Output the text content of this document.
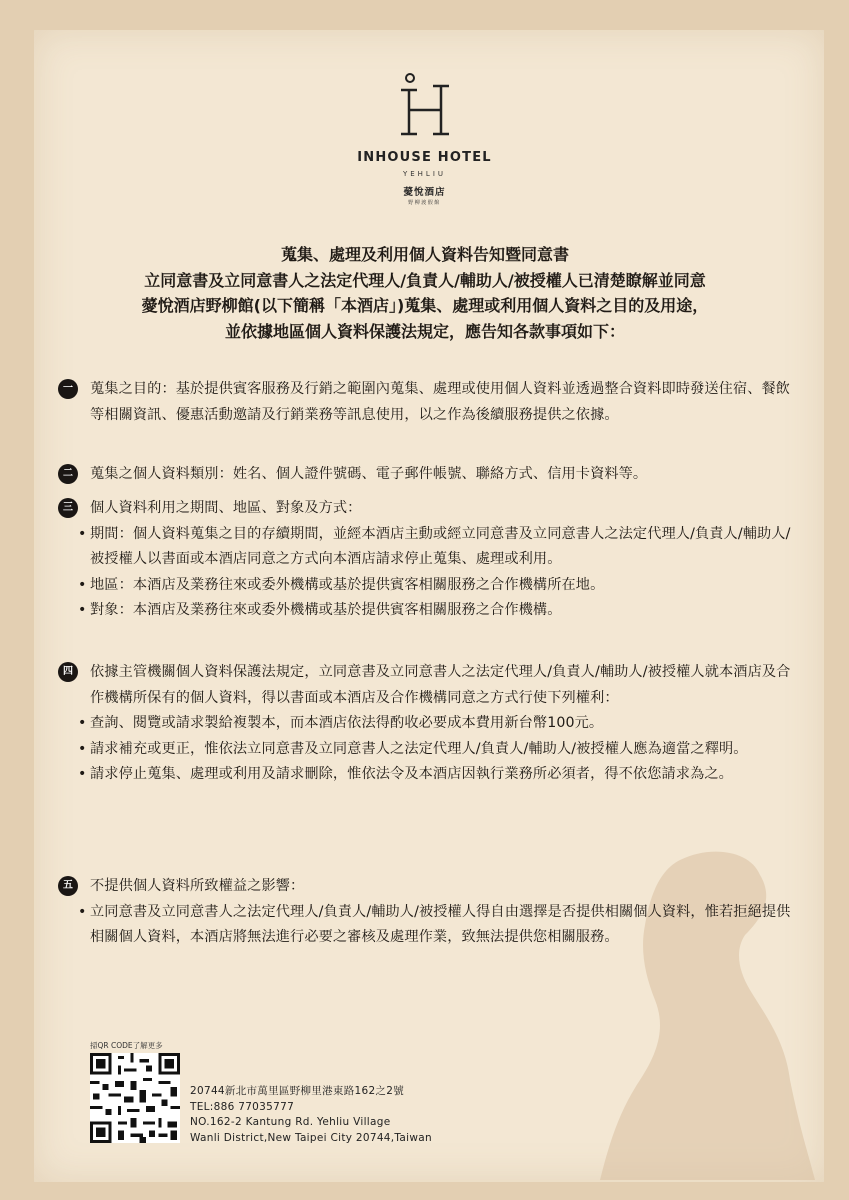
INHOUSE HOTEL
YEHLIU
薆悅酒店
野柳渡假館
蒐集、處理及利用個人資料告知暨同意書
立同意書及立同意書人之法定代理人/負責人/輔助人/被授權人已清楚瞭解並同意
薆悅酒店野柳館(以下簡稱「本酒店」)蒐集、處理或利用個人資料之目的及用途，
並依據地區個人資料保護法規定，應告知各款事項如下：
一	蒐集之目的：基於提供賓客服務及行銷之範圍內蒐集、處理或使用個人資料並透過整合資料即時發送住宿、餐飲等相關資訊、優惠活動邀請及行銷業務等訊息使用，以之作為後續服務提供之依據。
二	蒐集之個人資料類別：姓名、個人證件號碼、電子郵件帳號、聯絡方式、信用卡資料等。
三	個人資料利用之期間、地區、對象及方式：
• 期間：個人資料蒐集之目的存續期間，並經本酒店主動或經立同意書及立同意書人之法定代理人/負責人/輔助人/被授權人以書面或本酒店同意之方式向本酒店請求停止蒐集、處理或利用。
• 地區：本酒店及業務往來或委外機構或基於提供賓客相關服務之合作機構所在地。
• 對象：本酒店及業務往來或委外機構或基於提供賓客相關服務之合作機構。
四	依據主管機關個人資料保護法規定，立同意書及立同意書人之法定代理人/負責人/輔助人/被授權人就本酒店及合作機構所保有的個人資料，得以書面或本酒店及合作機構同意之方式行使下列權利：
• 查詢、閱覽或請求製給複製本，而本酒店依法得酌收必要成本費用新台幣100元。
• 請求補充或更正，惟依法立同意書及立同意書人之法定代理人/負責人/輔助人/被授權人應為適當之釋明。
• 請求停止蒐集、處理或利用及請求刪除，惟依法令及本酒店因執行業務所必須者，得不依您請求為之。
五	不提供個人資料所致權益之影響：
• 立同意書及立同意書人之法定代理人/負責人/輔助人/被授權人得自由選擇是否提供相關個人資料，惟若拒絕提供相關個人資料，本酒店將無法進行必要之審核及處理作業，致無法提供您相關服務。
掃QR CODE了解更多
20744新北市萬里區野柳里港東路162之2號
TEL:886 77035777
NO.162-2 Kantung Rd. Yehliu Village
Wanli District,New Taipei City 20744,Taiwan
